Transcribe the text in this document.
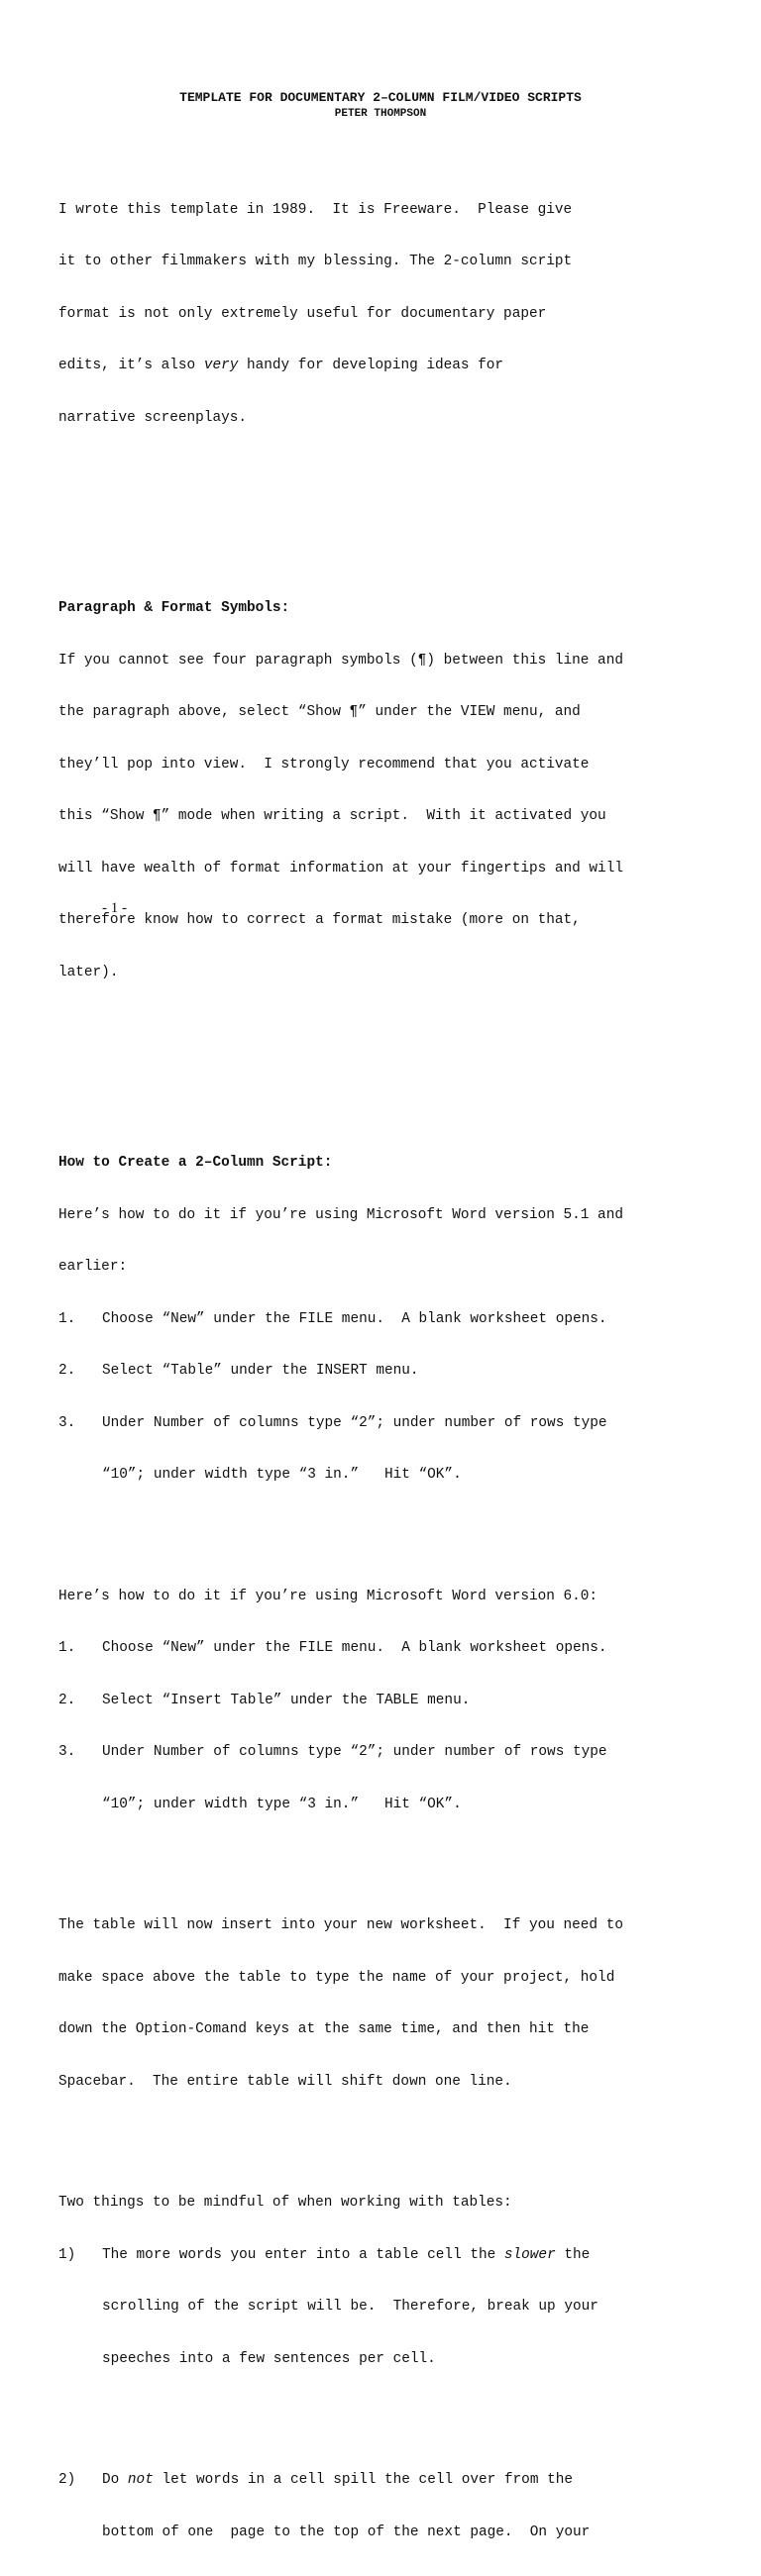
TEMPLATE FOR DOCUMENTARY 2–COLUMN FILM/VIDEO SCRIPTS
PETER THOMPSON

I wrote this template in 1989.  It is Freeware.  Please give

it to other filmmakers with my blessing. The 2-column script

format is not only extremely useful for documentary paper

edits, it’s also very handy for developing ideas for

narrative screenplays.

Paragraph & Format Symbols:

If you cannot see four paragraph symbols (¶) between this line and

the paragraph above, select “Show ¶” under the VIEW menu, and

they’ll pop into view.  I strongly recommend that you activate

this “Show ¶” mode when writing a script.  With it activated you

will have wealth of format information at your fingertips and will

therefore know how to correct a format mistake (more on that,

later).

How to Create a 2–Column Script:

Here’s how to do it if you’re using Microsoft Word version 5.1 and

earlier:

1. Choose “New” under the FILE menu.  A blank worksheet opens.

2. Select “Table” under the INSERT menu.

3. Under Number of columns type “2”; under number of rows type

“10”; under width type “3 in.”   Hit “OK”.

Here’s how to do it if you’re using Microsoft Word version 6.0:

1. Choose “New” under the FILE menu.  A blank worksheet opens.

2. Select “Insert Table” under the TABLE menu.

3. Under Number of columns type “2”; under number of rows type

“10”; under width type “3 in.”   Hit “OK”.

The table will now insert into your new worksheet.  If you need to

make space above the table to type the name of your project, hold

down the Option-Comand keys at the same time, and then hit the

Spacebar.  The entire table will shift down one line.

Two things to be mindful of when working with tables:

1) The more words you enter into a table cell the slower the

scrolling of the script will be.  Therefore, break up your

speeches into a few sentences per cell.

2) Do not let words in a cell spill the cell over from the

bottom of one  page to the top of the next page.  On your

- 1 -
